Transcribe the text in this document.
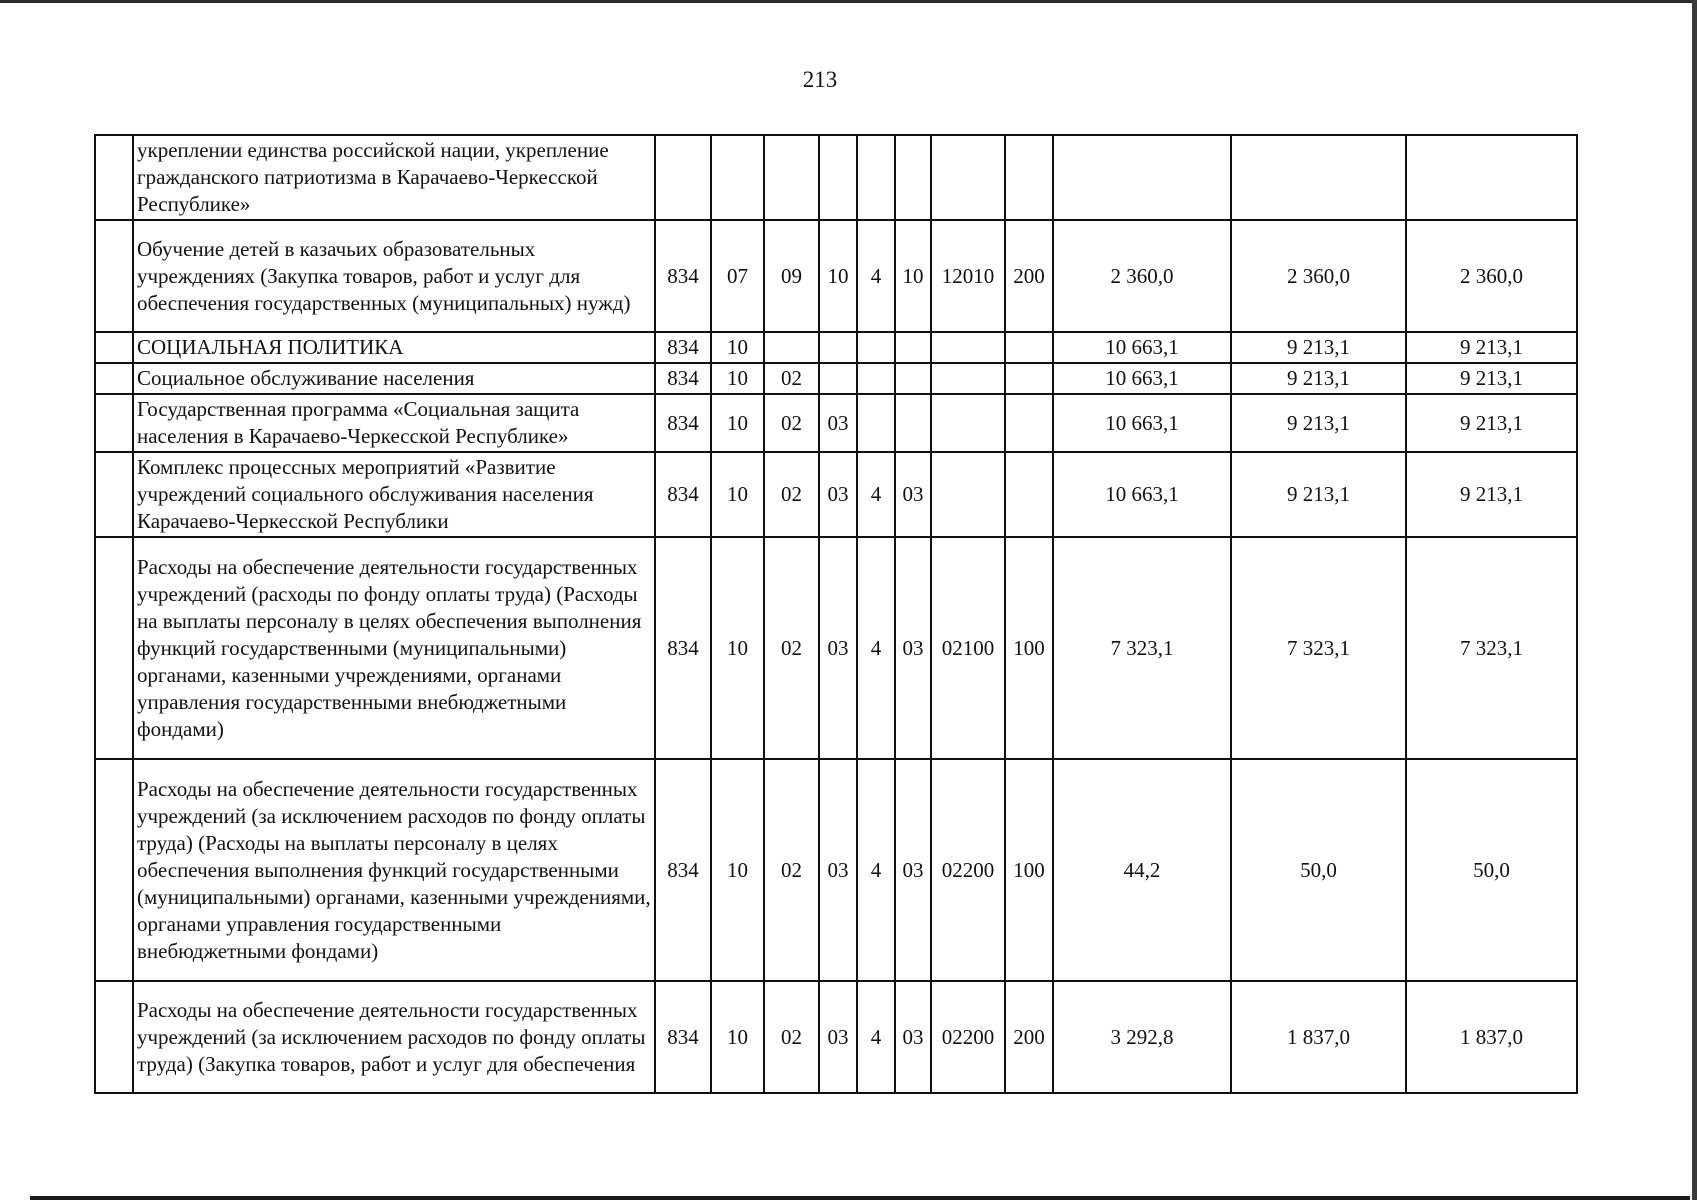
213
	укреплении единства российской нации, укрепление гражданского патриотизма в Карачаево-Черкесской Республике»											
	Обучение детей в казачьих образовательных учреждениях (Закупка товаров, работ и услуг для обеспечения государственных (муниципальных) нужд)	834	07	09	10	4	10	12010	200	2 360,0	2 360,0	2 360,0
	СОЦИАЛЬНАЯ ПОЛИТИКА	834	10							10 663,1	9 213,1	9 213,1
	Социальное обслуживание населения	834	10	02						10 663,1	9 213,1	9 213,1
	Государственная программа «Социальная защита населения в Карачаево-Черкесской Республике»	834	10	02	03					10 663,1	9 213,1	9 213,1
	Комплекс процессных мероприятий «Развитие учреждений социального обслуживания населения Карачаево-Черкесской Республики	834	10	02	03	4	03			10 663,1	9 213,1	9 213,1
	Расходы на обеспечение деятельности государственных учреждений (расходы по фонду оплаты труда) (Расходы на выплаты персоналу в целях обеспечения выполнения функций государственными (муниципальными) органами, казенными учреждениями, органами управления государственными внебюджетными фондами)	834	10	02	03	4	03	02100	100	7 323,1	7 323,1	7 323,1
	Расходы на обеспечение деятельности государственных учреждений (за исключением расходов по фонду оплаты труда) (Расходы на выплаты персоналу в целях обеспечения выполнения функций государственными (муниципальными) органами, казенными учреждениями, органами управления государственными внебюджетными фондами)	834	10	02	03	4	03	02200	100	44,2	50,0	50,0
	Расходы на обеспечение деятельности государственных учреждений (за исключением расходов по фонду оплаты труда) (Закупка товаров, работ и услуг для обеспечения	834	10	02	03	4	03	02200	200	3 292,8	1 837,0	1 837,0
